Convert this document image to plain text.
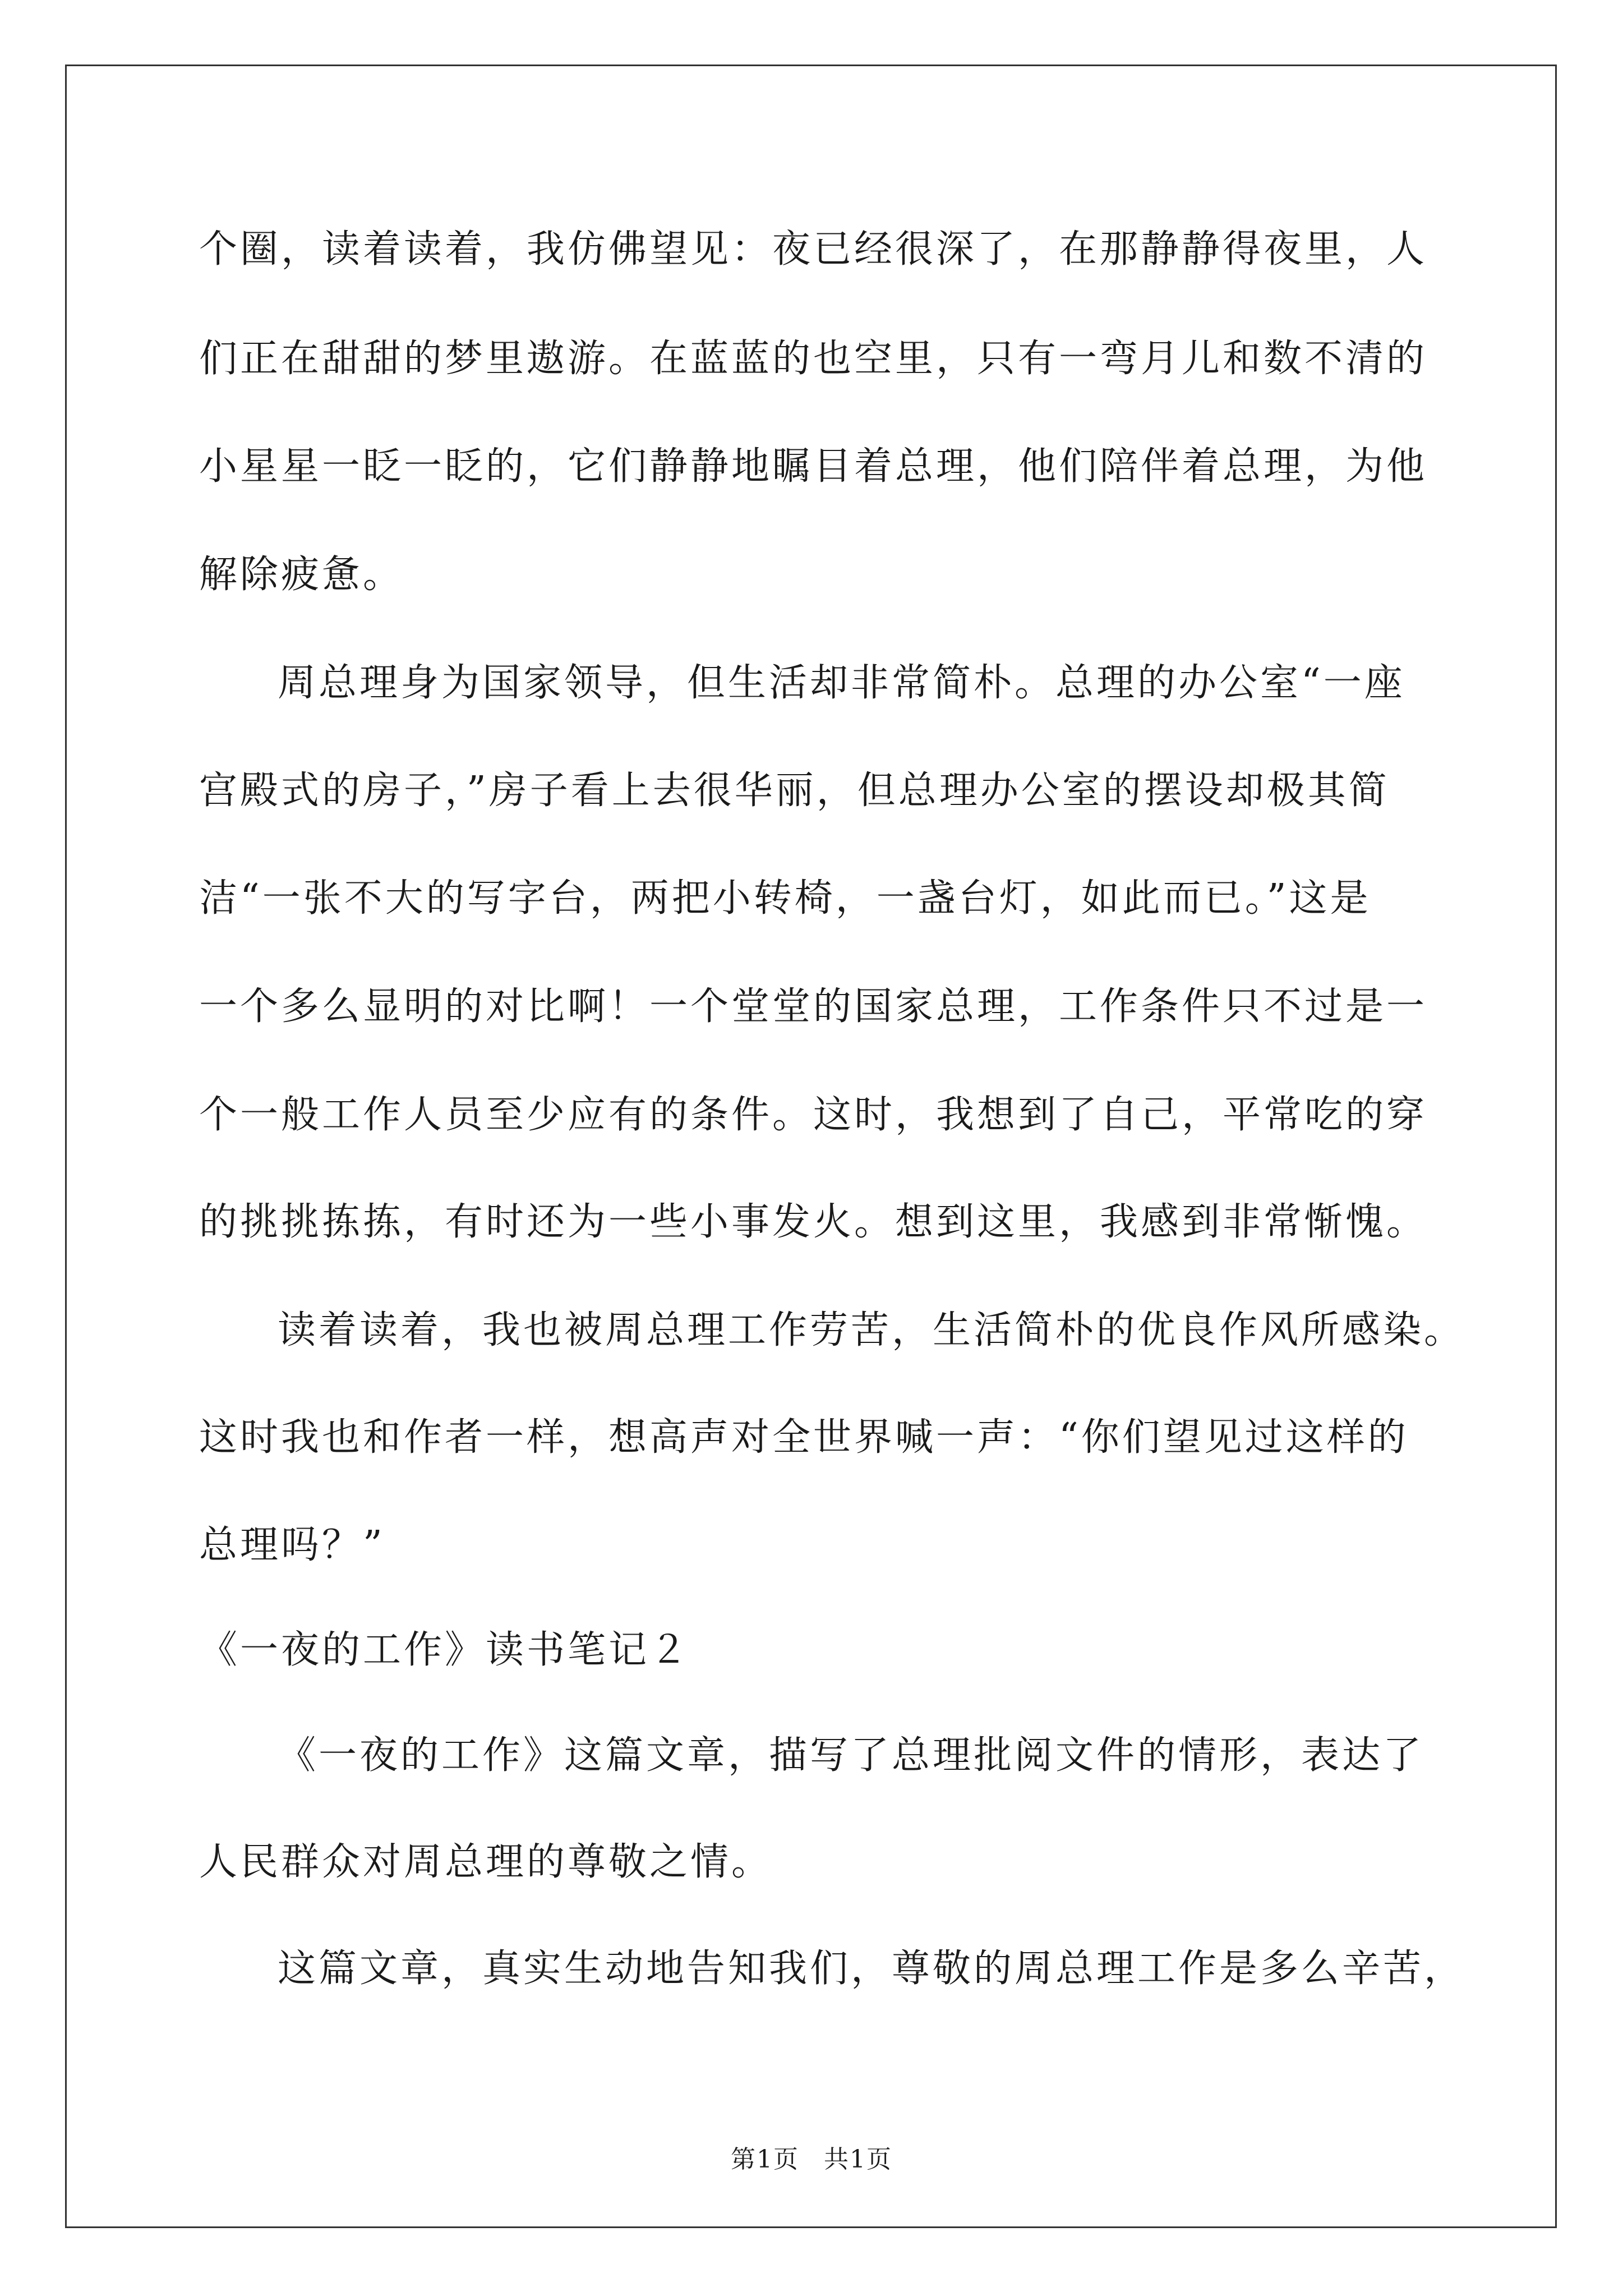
个圈，读着读着，我仿佛望见：夜已经很深了，在那静静得夜里，人
们正在甜甜的梦里遨游。在蓝蓝的也空里，只有一弯月儿和数不清的
小星星一眨一眨的，它们静静地瞩目着总理，他们陪伴着总理，为他
解除疲惫。
周总理身为国家领导，但生活却非常简朴。总理的办公室“一座
宫殿式的房子，”房子看上去很华丽，但总理办公室的摆设却极其简
洁“一张不大的写字台，两把小转椅，一盏台灯，如此而已。”这是
一个多么显明的对比啊！一个堂堂的国家总理，工作条件只不过是一
个一般工作人员至少应有的条件。这时，我想到了自己，平常吃的穿
的挑挑拣拣，有时还为一些小事发火。想到这里，我感到非常惭愧。
读着读着，我也被周总理工作劳苦，生活简朴的优良作风所感染。
这时我也和作者一样，想高声对全世界喊一声：“你们望见过这样的
总理吗？”
《一夜的工作》读书笔记２
《一夜的工作》这篇文章，描写了总理批阅文件的情形，表达了
人民群众对周总理的尊敬之情。
这篇文章，真实生动地告知我们，尊敬的周总理工作是多么辛苦，
第1页 共1页
